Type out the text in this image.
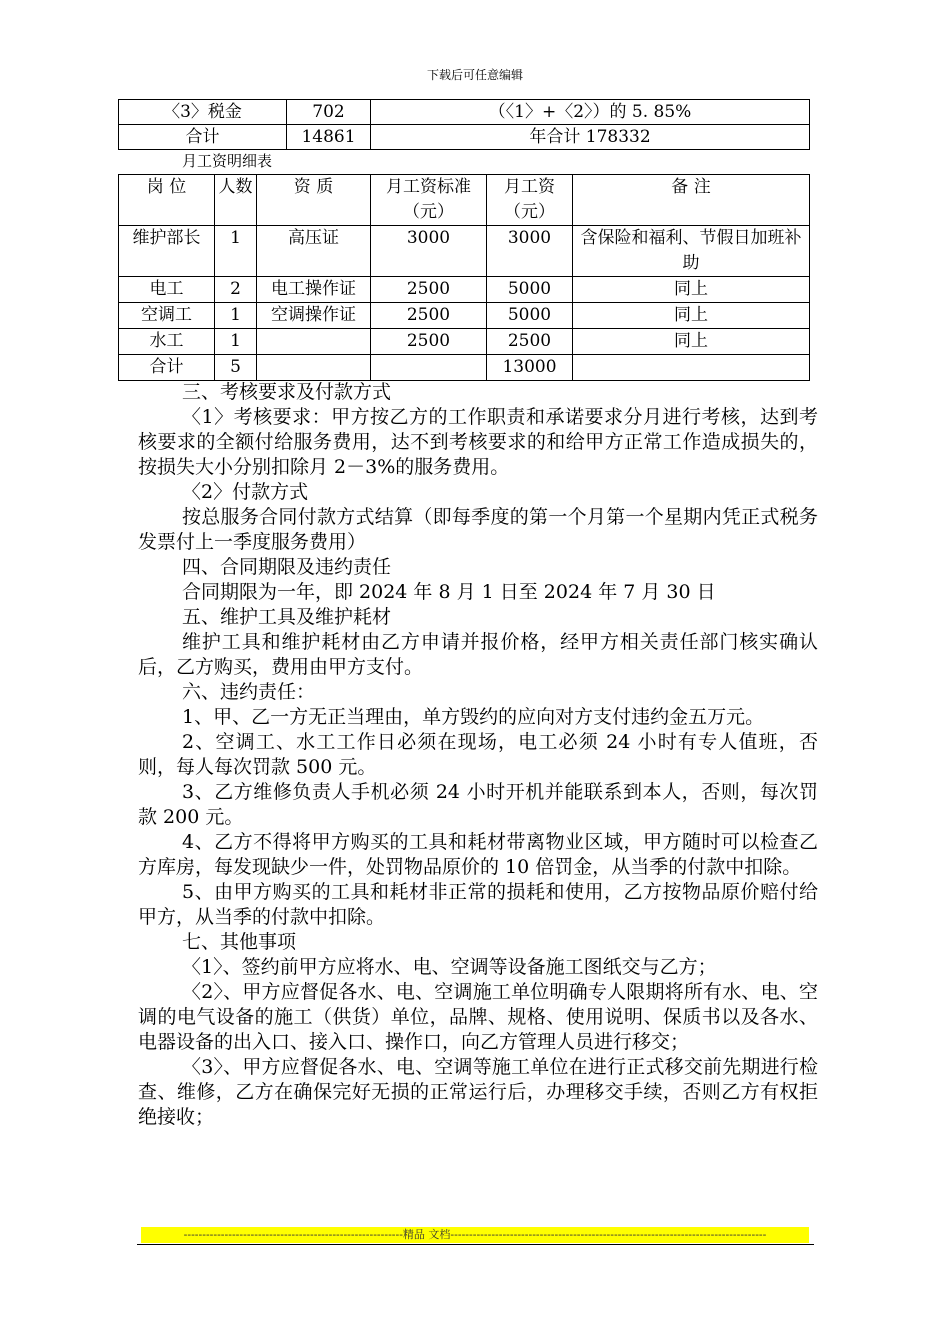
下载后可任意编辑
〈3〉税金	702	（〈1〉+〈2〉）的 5. 85%
合计	14861	年合计 178332
月工资明细表
岗 位	人数	资 质	月工资标准（元）	月工资（元）	备 注
维护部长	1	高压证	3000	3000	含保险和福利、节假日加班补助
电工	2	电工操作证	2500	5000	同上
空调工	1	空调操作证	2500	5000	同上
水工	1		2500	2500	同上
合计	5			13000	

三、考核要求及付款方式

〈1〉考核要求：甲方按乙方的工作职责和承诺要求分月进行考核，达到考核要求的全额付给服务费用，达不到考核要求的和给甲方正常工作造成损失的，按损失大小分别扣除月 2－3%的服务费用。

〈2〉付款方式

按总服务合同付款方式结算（即每季度的第一个月第一个星期内凭正式税务发票付上一季度服务费用）

四、合同期限及违约责任

合同期限为一年，即 2024 年 8 月 1 日至 2024 年 7 月 30 日

五、维护工具及维护耗材

维护工具和维护耗材由乙方申请并报价格，经甲方相关责任部门核实确认后，乙方购买，费用由甲方支付。

六、违约责任：

1、甲、乙一方无正当理由，单方毁约的应向对方支付违约金五万元。

2、空调工、水工工作日必须在现场，电工必须 24 小时有专人值班，否则，每人每次罚款 500 元。

3、乙方维修负责人手机必须 24 小时开机并能联系到本人，否则，每次罚款 200 元。

4、乙方不得将甲方购买的工具和耗材带离物业区域，甲方随时可以检查乙方库房，每发现缺少一件，处罚物品原价的 10 倍罚金，从当季的付款中扣除。

5、由甲方购买的工具和耗材非正常的损耗和使用，乙方按物品原价赔付给甲方，从当季的付款中扣除。

七、其他事项

〈1〉、签约前甲方应将水、电、空调等设备施工图纸交与乙方；

〈2〉、甲方应督促各水、电、空调施工单位明确专人限期将所有水、电、空调的电气设备的施工（供货）单位，品牌、规格、使用说明、保质书以及各水、电器设备的出入口、接入口、操作口，向乙方管理人员进行移交；

〈3〉、甲方应督促各水、电、空调等施工单位在进行正式移交前先期进行检查、维修，乙方在确保完好无损的正常运行后，办理移交手续，否则乙方有权拒绝接收；

-----------------------------------------------------------精品 文档-------------------------------------------------------------------------------------
